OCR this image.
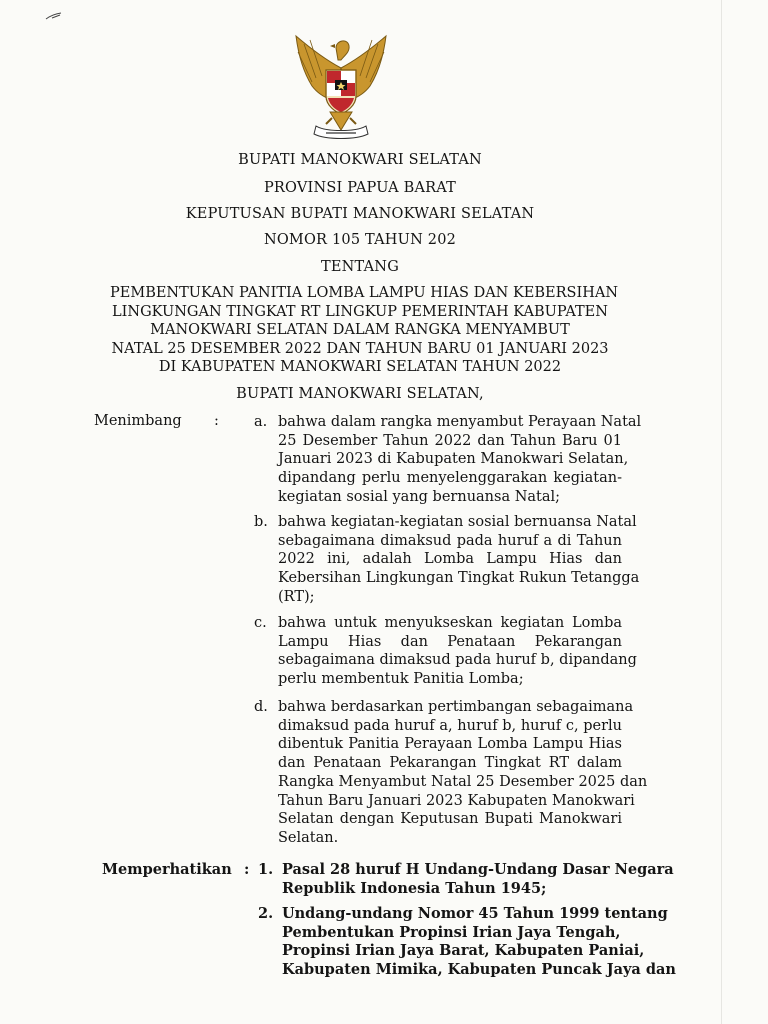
BUPATI MANOKWARI SELATAN
PROVINSI PAPUA BARAT
KEPUTUSAN BUPATI MANOKWARI SELATAN
NOMOR 105 TAHUN 202
TENTANG
PEMBENTUKAN PANITIA LOMBA LAMPU HIAS DAN KEBERSIHAN
LINGKUNGAN TINGKAT RT LINGKUP PEMERINTAH KABUPATEN
MANOKWARI SELATAN DALAM RANGKA MENYAMBUT
NATAL 25 DESEMBER 2022 DAN TAHUN BARU 01 JANUARI 2023
DI KABUPATEN MANOKWARI SELATAN TAHUN 2022
BUPATI MANOKWARI SELATAN,
Menimbang : a. bahwa dalam rangka menyambut Perayaan Natal
25 Desember Tahun 2022 dan Tahun Baru 01
Januari 2023 di Kabupaten Manokwari Selatan,
dipandang perlu menyelenggarakan kegiatan-
kegiatan sosial yang bernuansa Natal;
b. bahwa kegiatan-kegiatan sosial bernuansa Natal
sebagaimana dimaksud pada huruf a di Tahun
2022 ini, adalah Lomba Lampu Hias dan
Kebersihan Lingkungan Tingkat Rukun Tetangga
(RT);
c. bahwa untuk menyukseskan kegiatan Lomba
Lampu Hias dan Penataan Pekarangan
sebagaimana dimaksud pada huruf b, dipandang
perlu membentuk Panitia Lomba;
d. bahwa berdasarkan pertimbangan sebagaimana
dimaksud pada huruf a, huruf b, huruf c, perlu
dibentuk Panitia Perayaan Lomba Lampu Hias
dan Penataan Pekarangan Tingkat RT dalam
Rangka Menyambut Natal 25 Desember 2025 dan
Tahun Baru Januari 2023 Kabupaten Manokwari
Selatan dengan Keputusan Bupati Manokwari
Selatan.
Memperhatikan : 1. Pasal 28 huruf H Undang-Undang Dasar Negara
Republik Indonesia Tahun 1945;
2. Undang-undang Nomor 45 Tahun 1999 tentang
Pembentukan Propinsi Irian Jaya Tengah,
Propinsi Irian Jaya Barat, Kabupaten Paniai,
Kabupaten Mimika, Kabupaten Puncak Jaya dan
